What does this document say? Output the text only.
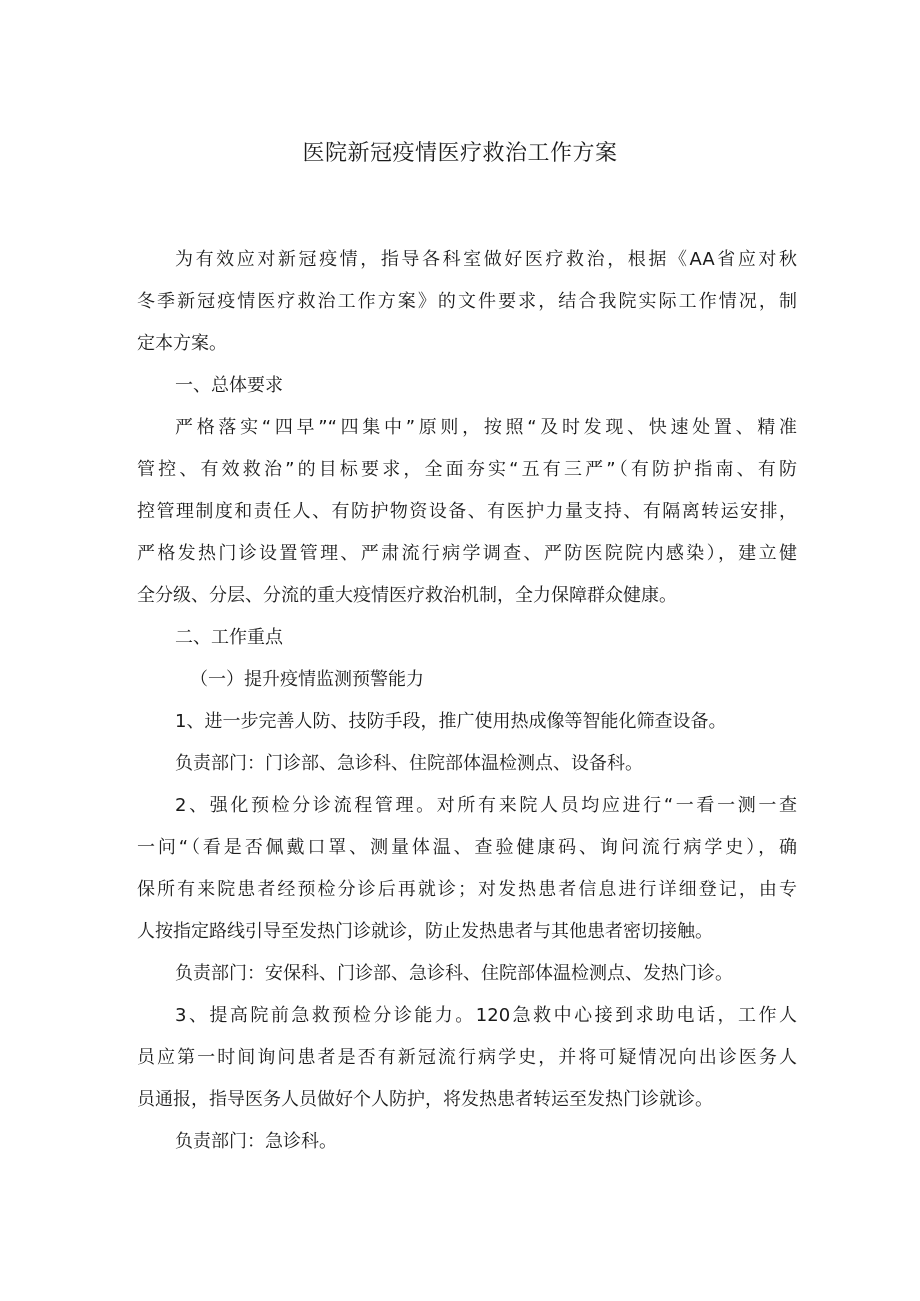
医院新冠疫情医疗救治工作方案

为有效应对新冠疫情，指导各科室做好医疗救治，根据《AA省应对秋

冬季新冠疫情医疗救治工作方案》的文件要求，结合我院实际工作情况，制

定本方案。

一、总体要求

严格落实“四早”“四集中”原则，按照“及时发现、快速处置、精准

管控、有效救治”的目标要求，全面夯实“五有三严”（有防护指南、有防

控管理制度和责任人、有防护物资设备、有医护力量支持、有隔离转运安排，

严格发热门诊设置管理、严肃流行病学调查、严防医院院内感染），建立健

全分级、分层、分流的重大疫情医疗救治机制，全力保障群众健康。

二、工作重点

（一）提升疫情监测预警能力

1、进一步完善人防、技防手段，推广使用热成像等智能化筛查设备。

负责部门：门诊部、急诊科、住院部体温检测点、设备科。

2、强化预检分诊流程管理。对所有来院人员均应进行“一看一测一查

一问“（看是否佩戴口罩、测量体温、查验健康码、询问流行病学史），确

保所有来院患者经预检分诊后再就诊；对发热患者信息进行详细登记，由专

人按指定路线引导至发热门诊就诊，防止发热患者与其他患者密切接触。

负责部门：安保科、门诊部、急诊科、住院部体温检测点、发热门诊。

3、提高院前急救预检分诊能力。120急救中心接到求助电话，工作人

员应第一时间询问患者是否有新冠流行病学史，并将可疑情况向出诊医务人

员通报，指导医务人员做好个人防护，将发热患者转运至发热门诊就诊。

负责部门：急诊科。
